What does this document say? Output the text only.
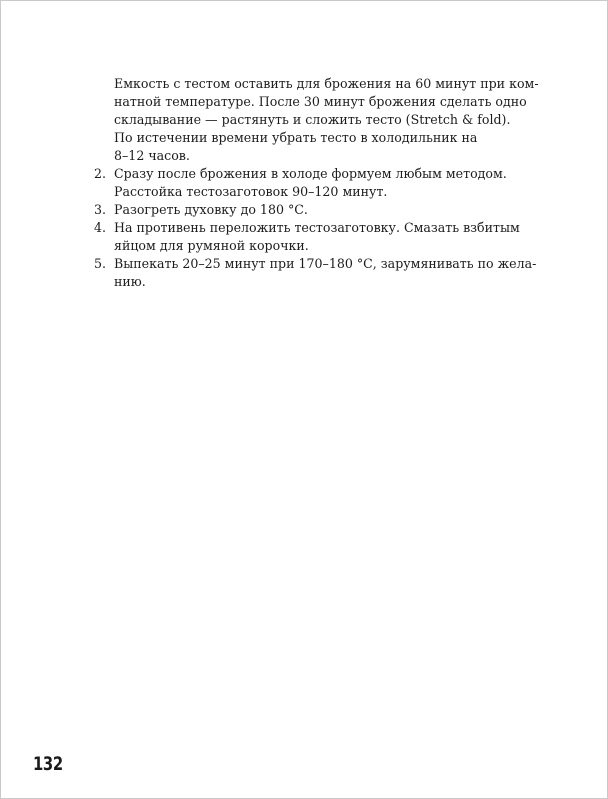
Емкость с тестом оставить для брожения на 60 минут при ком-
натной температуре. После 30 минут брожения сделать одно
складывание — растянуть и сложить тесто (Stretch & fold).
По истечении времени убрать тесто в холодильник на
8–12 часов.
2. Сразу после брожения в холоде формуем любым методом.
Расстойка тестозаготовок 90–120 минут.
3. Разогреть духовку до 180 °С.
4. На противень переложить тестозаготовку. Смазать взбитым
яйцом для румяной корочки.
5. Выпекать 20–25 минут при 170–180 °С, зарумянивать по жела-
нию.
132
